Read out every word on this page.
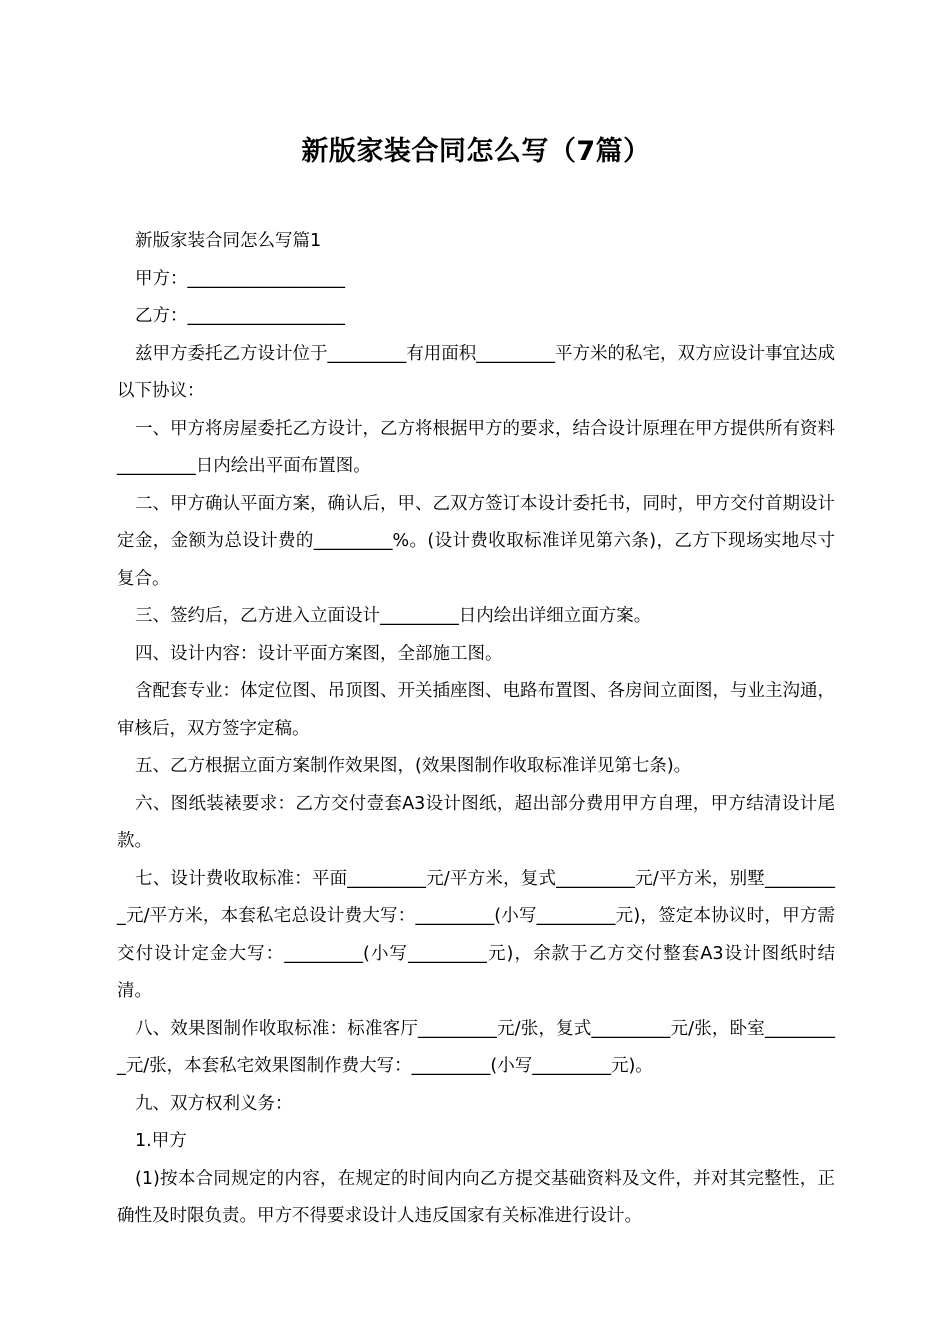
新版家装合同怎么写（7篇）

新版家装合同怎么写篇1

甲方：__________________

乙方：__________________

兹甲方委托乙方设计位于_________有用面积_________平方米的私宅，双方应设计事宜达成以下协议：

一、甲方将房屋委托乙方设计，乙方将根据甲方的要求，结合设计原理在甲方提供所有资料_________日内绘出平面布置图。

二、甲方确认平面方案，确认后，甲、乙双方签订本设计委托书，同时，甲方交付首期设计定金，金额为总设计费的_________%。(设计费收取标准详见第六条)，乙方下现场实地尽寸复合。

三、签约后，乙方进入立面设计_________日内绘出详细立面方案。

四、设计内容：设计平面方案图，全部施工图。

含配套专业：体定位图、吊顶图、开关插座图、电路布置图、各房间立面图，与业主沟通，审核后，双方签字定稿。

五、乙方根据立面方案制作效果图，(效果图制作收取标准详见第七条)。

六、图纸装裱要求：乙方交付壹套A3设计图纸，超出部分费用甲方自理，甲方结清设计尾款。

七、设计费收取标准：平面_________元/平方米，复式_________元/平方米，别墅_________元/平方米，本套私宅总设计费大写：_________(小写_________元)，签定本协议时，甲方需交付设计定金大写：_________(小写_________元)，余款于乙方交付整套A3设计图纸时结清。

八、效果图制作收取标准：标准客厅_________元/张，复式_________元/张，卧室_________元/张，本套私宅效果图制作费大写：_________(小写_________元)。

九、双方权利义务：

1.甲方

(1)按本合同规定的内容，在规定的时间内向乙方提交基础资料及文件，并对其完整性，正确性及时限负责。甲方不得要求设计人违反国家有关标准进行设计。
